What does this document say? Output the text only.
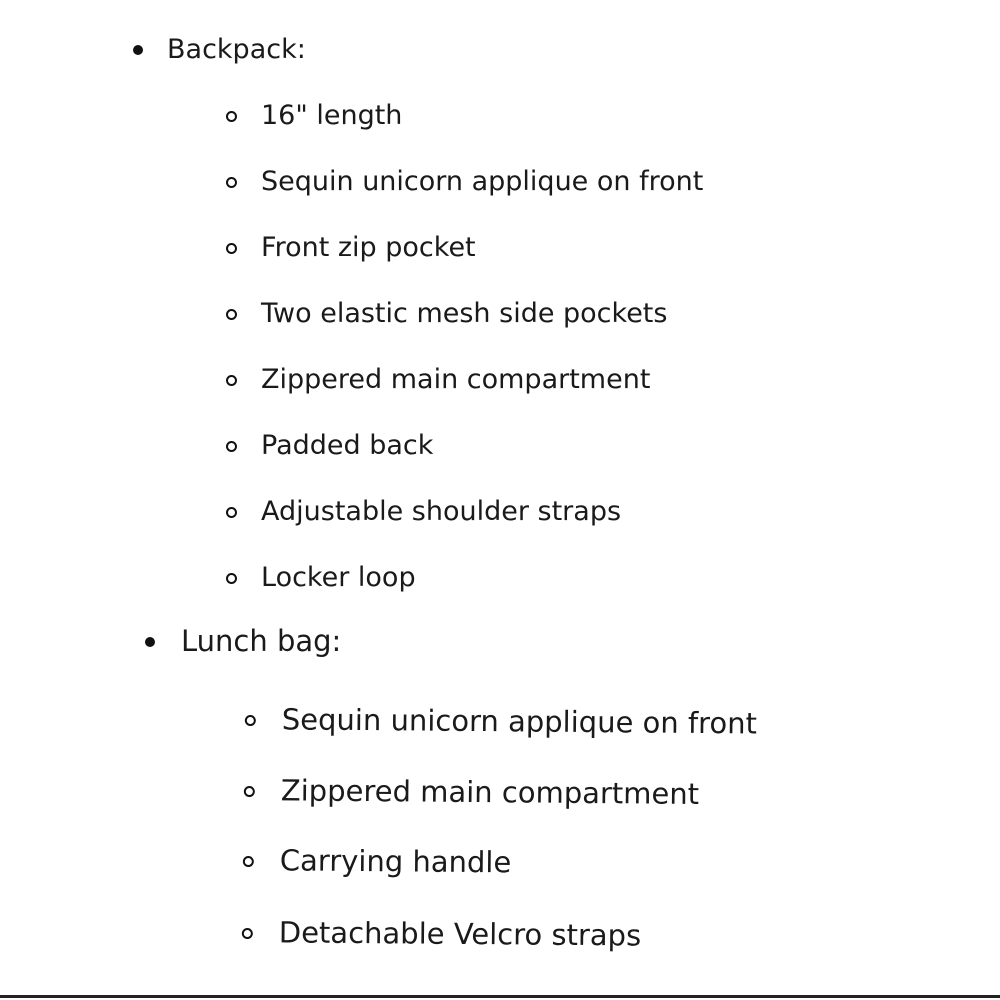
Backpack:
16" length
Sequin unicorn applique on front
Front zip pocket
Two elastic mesh side pockets
Zippered main compartment
Padded back
Adjustable shoulder straps
Locker loop
Lunch bag:
Sequin unicorn applique on front
Zippered main compartment
Carrying handle
Detachable Velcro straps
